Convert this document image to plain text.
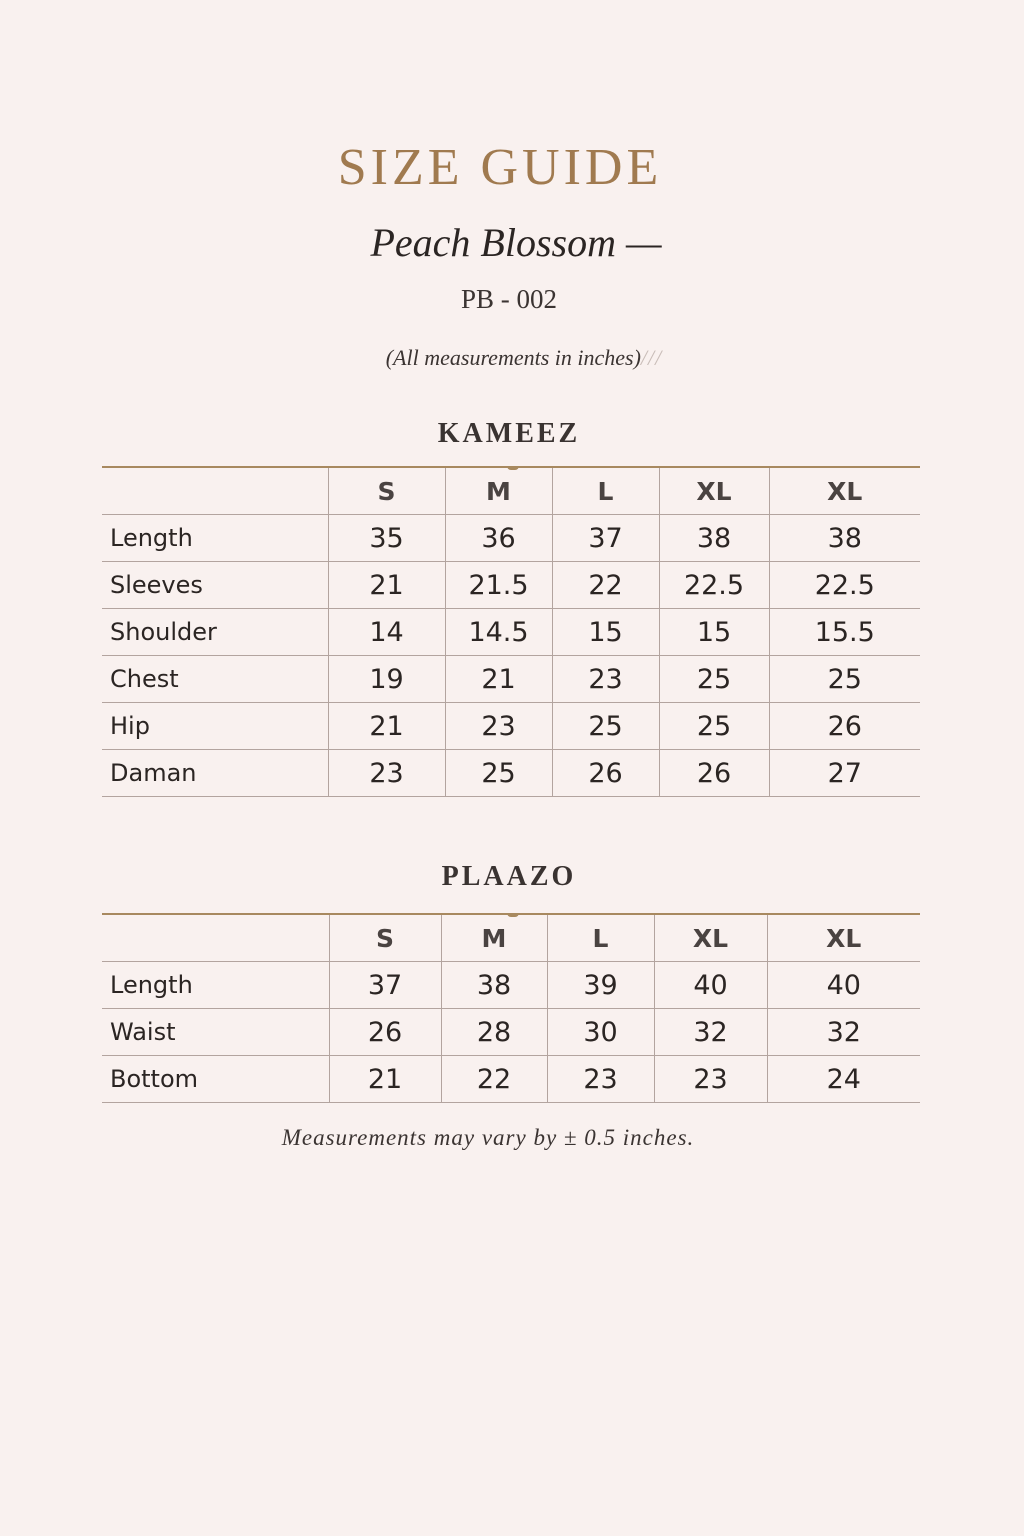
SIZE GUIDE
Peach Blossom —
PB - 002
(All measurements in inches)///
KAMEEZ
	S	M	L	XL	XL
Length	35	36	37	38	38
Sleeves	21	21.5	22	22.5	22.5
Shoulder	14	14.5	15	15	15.5
Chest	19	21	23	25	25
Hip	21	23	25	25	26
Daman	23	25	26	26	27
PLAAZO
	S	M	L	XL	XL
Length	37	38	39	40	40
Waist	26	28	30	32	32
Bottom	21	22	23	23	24
Measurements may vary by ± 0.5 inches.
